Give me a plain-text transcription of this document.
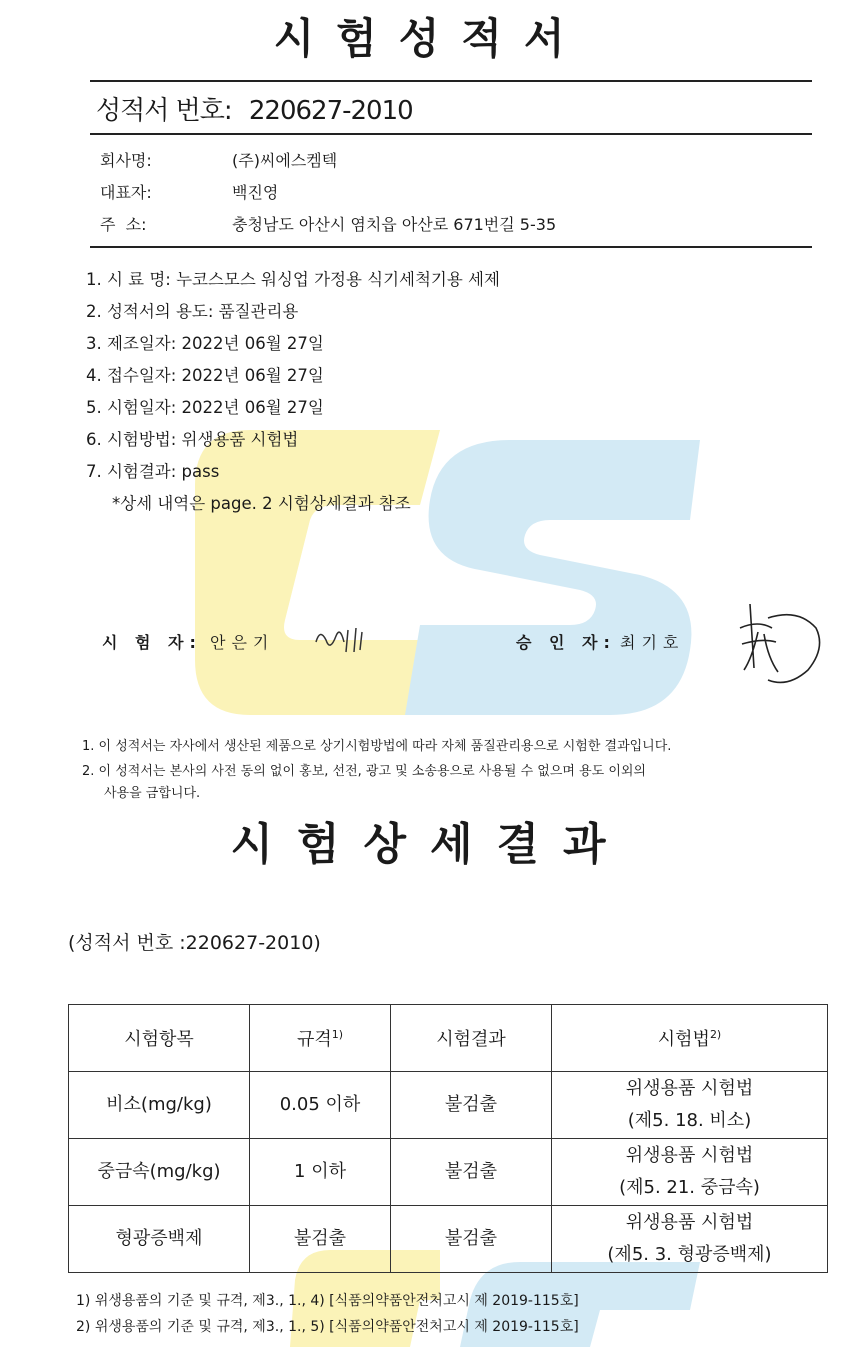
시험성적서
성적서 번호: 220627-2010
회사명:	(주)씨에스켐텍
대표자:	백진영
주  소:	충청남도 아산시 염치읍 아산로 671번길 5-35
1. 시 료 명: 누코스모스 워싱업 가정용 식기세척기용 세제
2. 성적서의 용도: 품질관리용
3. 제조일자: 2022년 06월 27일
4. 접수일자: 2022년 06월 27일
5. 시험일자: 2022년 06월 27일
6. 시험방법: 위생용품 시험법
7. 시험결과: pass
*상세 내역은 page. 2 시험상세결과 참조
시 험 자: 안은기	승 인 자: 최기호
1. 이 성적서는 자사에서 생산된 제품으로 상기시험방법에 따라 자체 품질관리용으로 시험한 결과입니다.
2. 이 성적서는 본사의 사전 동의 없이 홍보, 선전, 광고 및 소송용으로 사용될 수 없으며 용도 이외의
사용을 금합니다.
시험상세결과
(성적서 번호 :220627-2010)
시험항목	규격$^{1)}$	시험결과	시험법$^{2)}$
비소(mg/kg)	0.05 이하	불검출	위생용품 시험법
(제5. 18. 비소)

중금속(mg/kg)	1 이하	불검출	위생용품 시험법
(제5. 21. 중금속)

형광증백제	불검출	불검출	위생용품 시험법
(제5. 3. 형광증백제)
1) 위생용품의 기준 및 규격, 제3., 1., 4) [식품의약품안전처고시 제 2019-115호]
2) 위생용품의 기준 및 규격, 제3., 1., 5) [식품의약품안전처고시 제 2019-115호]
